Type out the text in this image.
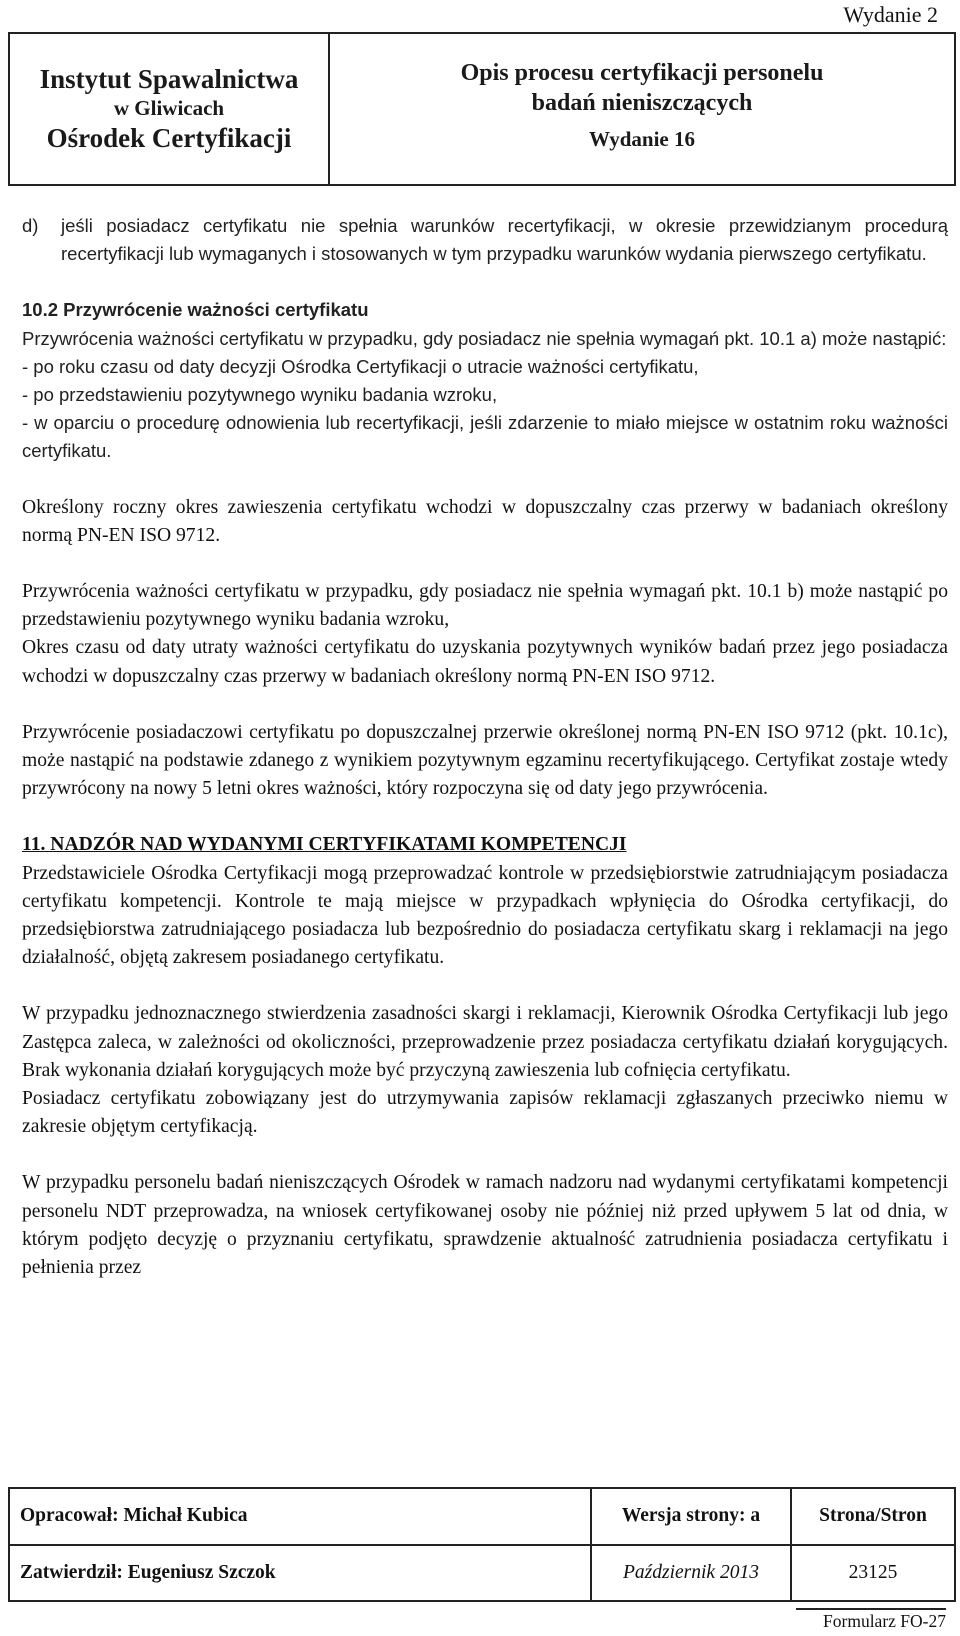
Wydanie 2
Instytut Spawalnictwa
w Gliwicach
Ośrodek Certyfikacji

Opis procesu certyfikacji personelu
badań nieniszczących
Wydanie 16

d) jeśli posiadacz certyfikatu nie spełnia warunków recertyfikacji, w okresie przewidzianym procedurą recertyfikacji lub wymaganych i stosowanych w tym przypadku warunków wydania pierwszego certyfikatu.

10.2 Przywrócenie ważności certyfikatu

Przywrócenia ważności certyfikatu w przypadku, gdy posiadacz nie spełnia wymagań pkt. 10.1 a) może nastąpić:

- po roku czasu od daty decyzji Ośrodka Certyfikacji o utracie ważności certyfikatu,

- po przedstawieniu pozytywnego wyniku badania wzroku,

- w oparciu o procedurę odnowienia lub recertyfikacji, jeśli zdarzenie to miało miejsce w ostatnim roku ważności certyfikatu.

Określony roczny okres zawieszenia certyfikatu wchodzi w dopuszczalny czas przerwy w badaniach określony normą PN-EN ISO 9712.

Przywrócenia ważności certyfikatu w przypadku, gdy posiadacz nie spełnia wymagań pkt. 10.1 b) może nastąpić po przedstawieniu pozytywnego wyniku badania wzroku,

Okres czasu od daty utraty ważności certyfikatu do uzyskania pozytywnych wyników badań przez jego posiadacza wchodzi w dopuszczalny czas przerwy w badaniach określony normą PN-EN ISO 9712.

Przywrócenie posiadaczowi certyfikatu po dopuszczalnej przerwie określonej normą PN-EN ISO 9712 (pkt. 10.1c), może nastąpić na podstawie zdanego z wynikiem pozytywnym egzaminu recertyfikującego. Certyfikat zostaje wtedy przywrócony na nowy 5 letni okres ważności, który rozpoczyna się od daty jego przywrócenia.

11. NADZÓR NAD WYDANYMI CERTYFIKATAMI KOMPETENCJI

Przedstawiciele Ośrodka Certyfikacji mogą przeprowadzać kontrole w przedsiębiorstwie zatrudniającym posiadacza certyfikatu kompetencji. Kontrole te mają miejsce w przypadkach wpłynięcia do Ośrodka certyfikacji, do przedsiębiorstwa zatrudniającego posiadacza lub bezpośrednio do posiadacza certyfikatu skarg i reklamacji na jego działalność, objętą zakresem posiadanego certyfikatu.

W przypadku jednoznacznego stwierdzenia zasadności skargi i reklamacji, Kierownik Ośrodka Certyfikacji lub jego Zastępca zaleca, w zależności od okoliczności, przeprowadzenie przez posiadacza certyfikatu działań korygujących. Brak wykonania działań korygujących może być przyczyną zawieszenia lub cofnięcia certyfikatu.

Posiadacz certyfikatu zobowiązany jest do utrzymywania zapisów reklamacji zgłaszanych przeciwko niemu w zakresie objętym certyfikacją.

W przypadku personelu badań nieniszczących Ośrodek w ramach nadzoru nad wydanymi certyfikatami kompetencji personelu NDT przeprowadza, na wniosek certyfikowanej osoby nie później niż przed upływem 5 lat od dnia, w którym podjęto decyzję o przyznaniu certyfikatu, sprawdzenie aktualność zatrudnienia posiadacza certyfikatu i pełnienia przez

Opracował: Michał Kubica	Wersja strony: a	Strona/Stron
Zatwierdził: Eugeniusz Szczok	Październik 2013	23125
Formularz FO-27
